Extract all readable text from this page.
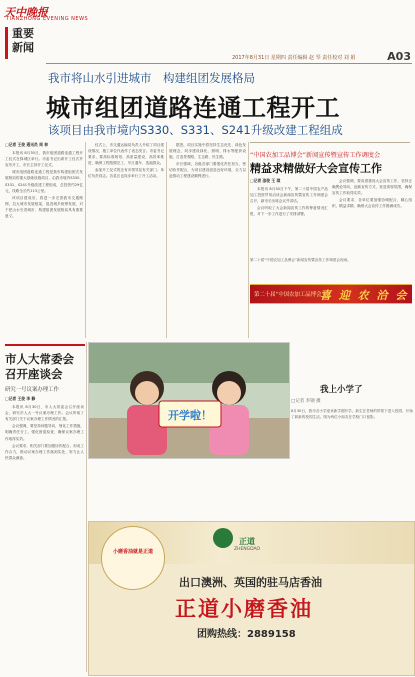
天中晚报
TIANZHONG EVENING NEWS
重要
新闻
2017年8月31日 星期四 责任编辑 赵 琴 责任校对 刘 娟	A03
我市将山水引进城市　构建组团发展格局
城市组团道路连通工程开工
该项目由我市境内S330、S331、S241升级改建工程组成
□记者 王俊 通讯员 周 林

本报讯 8月30日，我市组团道路连通工程开工仪式在驿城区举行。市委书记出席开工仪式并宣布开工，市长主持开工仪式。

城市组团道路连通工程是我市构建组团式发展格局的重大基础设施项目，由我市境内S330、S331、S241升级改建工程组成，总投资约29亿元，线路全长约113公里。

该项目建成后，将进一步完善我市交通路网，拉大城市发展框架，促进城乡统筹发展，对于把山水引进城市、构建组团发展格局具有重要意义。

仪式上，市交通运输局负责人介绍了项目建设情况，施工单位代表作了表态发言。市委书记要求，要高标准规划、高质量建设、高效率推进，确保工程按期完工、早日通车、造福群众。

参加开工仪式的还有市领导及有关部门、单位负责同志。各县区也同步举行了开工活动。

据悉，项目实施中将坚持生态优先、绿色发展理念，同步建设绿化、照明、排水等配套设施，打造景观路、生态路、民生路。

市长强调，各级各部门要强化责任担当，密切协作配合，为项目建设创造良好环境，全力以赴推动工程建设顺利进行。

“中国农加工品博会”新闻宣传暨宣传工作调度会
精益求精做好大会宣传工作
□记者 邵俊 王 琪

本报讯 8月30日下午，第二十届中国农产品加工投资贸易洽谈会新闻宣传暨宣传工作调度会召开，副市长出席会议并讲话。

会议听取了大会新闻宣传工作的筹备情况汇报，对下一步工作进行了安排部署。

会议强调，要高度重视大会宣传工作，坚持正确舆论导向，创新宣传方式，营造浓厚氛围，确保宣传工作取得实效。

会议要求，各单位要加强协调配合，精心组织，精益求精，确保大会宣传工作圆满成功。

第二十届“中国农加工品博会”新闻宣传暨宣传工作调度会现场。
第二十届“中国农加工品博会”
喜 迎 农 洽 会
市人大常委会召开座谈会
研究一号议案办理工作
□记者 王俊 李 静

本报讯 8月30日，市人大常委会召开座谈会，研究市人大一号议案办理工作。会议听取了有关部门关于议案办理工作情况的汇报。

会议强调，要坚持问题导向，细化工作措施，明确责任分工，强化督促检查，确保议案办理工作取得实效。

会议要求，相关部门要加强协作配合，形成工作合力，推动议案办理工作落到实处，努力让人民群众满意。

开学啦！
我上小学了
□记者 李钢 摄
8月30日，我市各小学迎来新学期开学。新生在老师的带领下进入校园，开始了崭新的校园生活。图为两位小朋友在学校门口留影。
小磨香油就是正道
正道
ZHENGDAO
出口澳洲、英国的驻马店香油
正道小磨香油
团购热线：2889158
